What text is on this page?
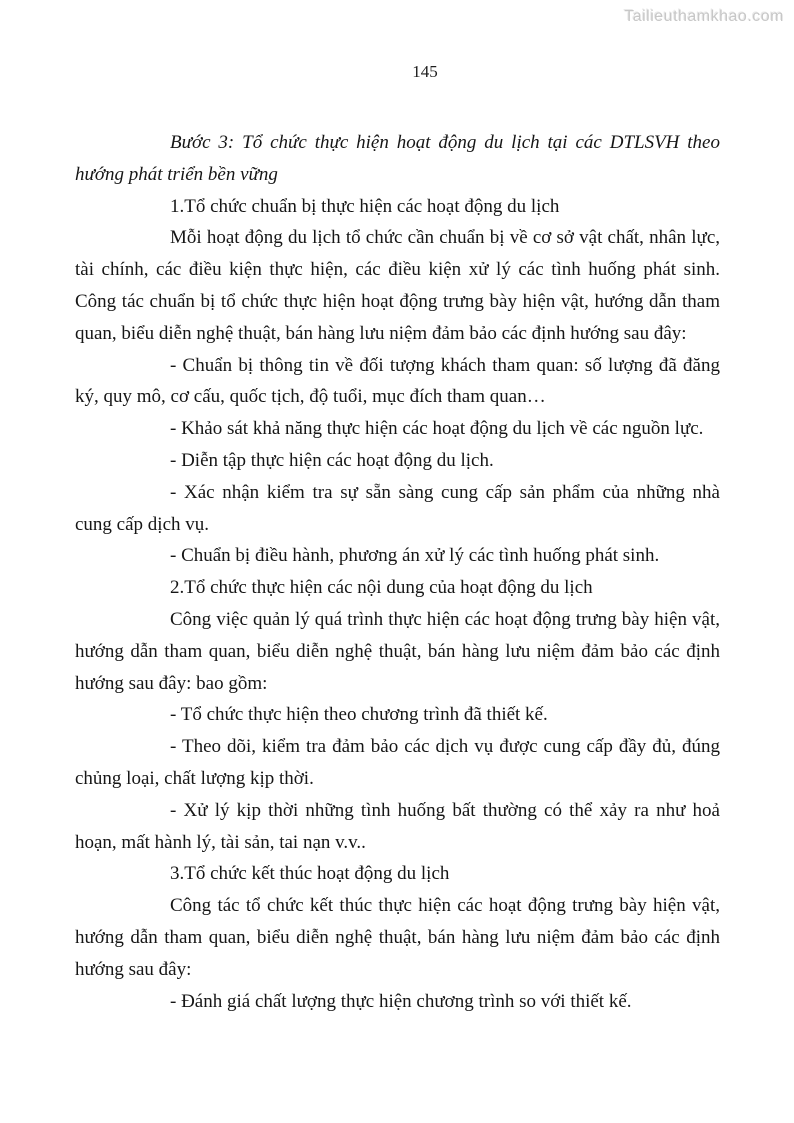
Tailieuthamkhao.com
145

Bước 3: Tổ chức thực hiện hoạt động du lịch tại các DTLSVH theo hướng phát triển bền vững

1.Tổ chức chuẩn bị thực hiện các hoạt động du lịch

Mỗi hoạt động du lịch tổ chức cần chuẩn bị về cơ sở vật chất, nhân lực, tài chính, các điều kiện thực hiện, các điều kiện xử lý các tình huống phát sinh. Công tác chuẩn bị tổ chức thực hiện hoạt động trưng bày hiện vật, hướng dẫn tham quan, biểu diễn nghệ thuật, bán hàng lưu niệm đảm bảo các định hướng sau đây:

- Chuẩn bị thông tin về đối tượng khách tham quan: số lượng đã đăng ký, quy mô, cơ cấu, quốc tịch, độ tuổi, mục đích tham quan…

- Khảo sát khả năng thực hiện các hoạt động du lịch về các nguồn lực.

- Diễn tập thực hiện các hoạt động du lịch.

- Xác nhận kiểm tra sự sẵn sàng cung cấp sản phẩm của những nhà cung cấp dịch vụ.

- Chuẩn bị điều hành, phương án xử lý các tình huống phát sinh.

2.Tổ chức thực hiện các nội dung của hoạt động du lịch

Công việc quản lý quá trình thực hiện các hoạt động trưng bày hiện vật, hướng dẫn tham quan, biểu diễn nghệ thuật, bán hàng lưu niệm đảm bảo các định hướng sau đây: bao gồm:

- Tổ chức thực hiện theo chương trình đã thiết kế.

- Theo dõi, kiểm tra đảm bảo các dịch vụ được cung cấp đầy đủ, đúng chủng loại, chất lượng kịp thời.

- Xử lý kịp thời những tình huống bất thường có thể xảy ra như hoả hoạn, mất hành lý, tài sản, tai nạn v.v..

3.Tổ chức kết thúc hoạt động du lịch

Công tác tổ chức kết thúc thực hiện các hoạt động trưng bày hiện vật, hướng dẫn tham quan, biểu diễn nghệ thuật, bán hàng lưu niệm đảm bảo các định hướng sau đây:

- Đánh giá chất lượng thực hiện chương trình so với thiết kế.
